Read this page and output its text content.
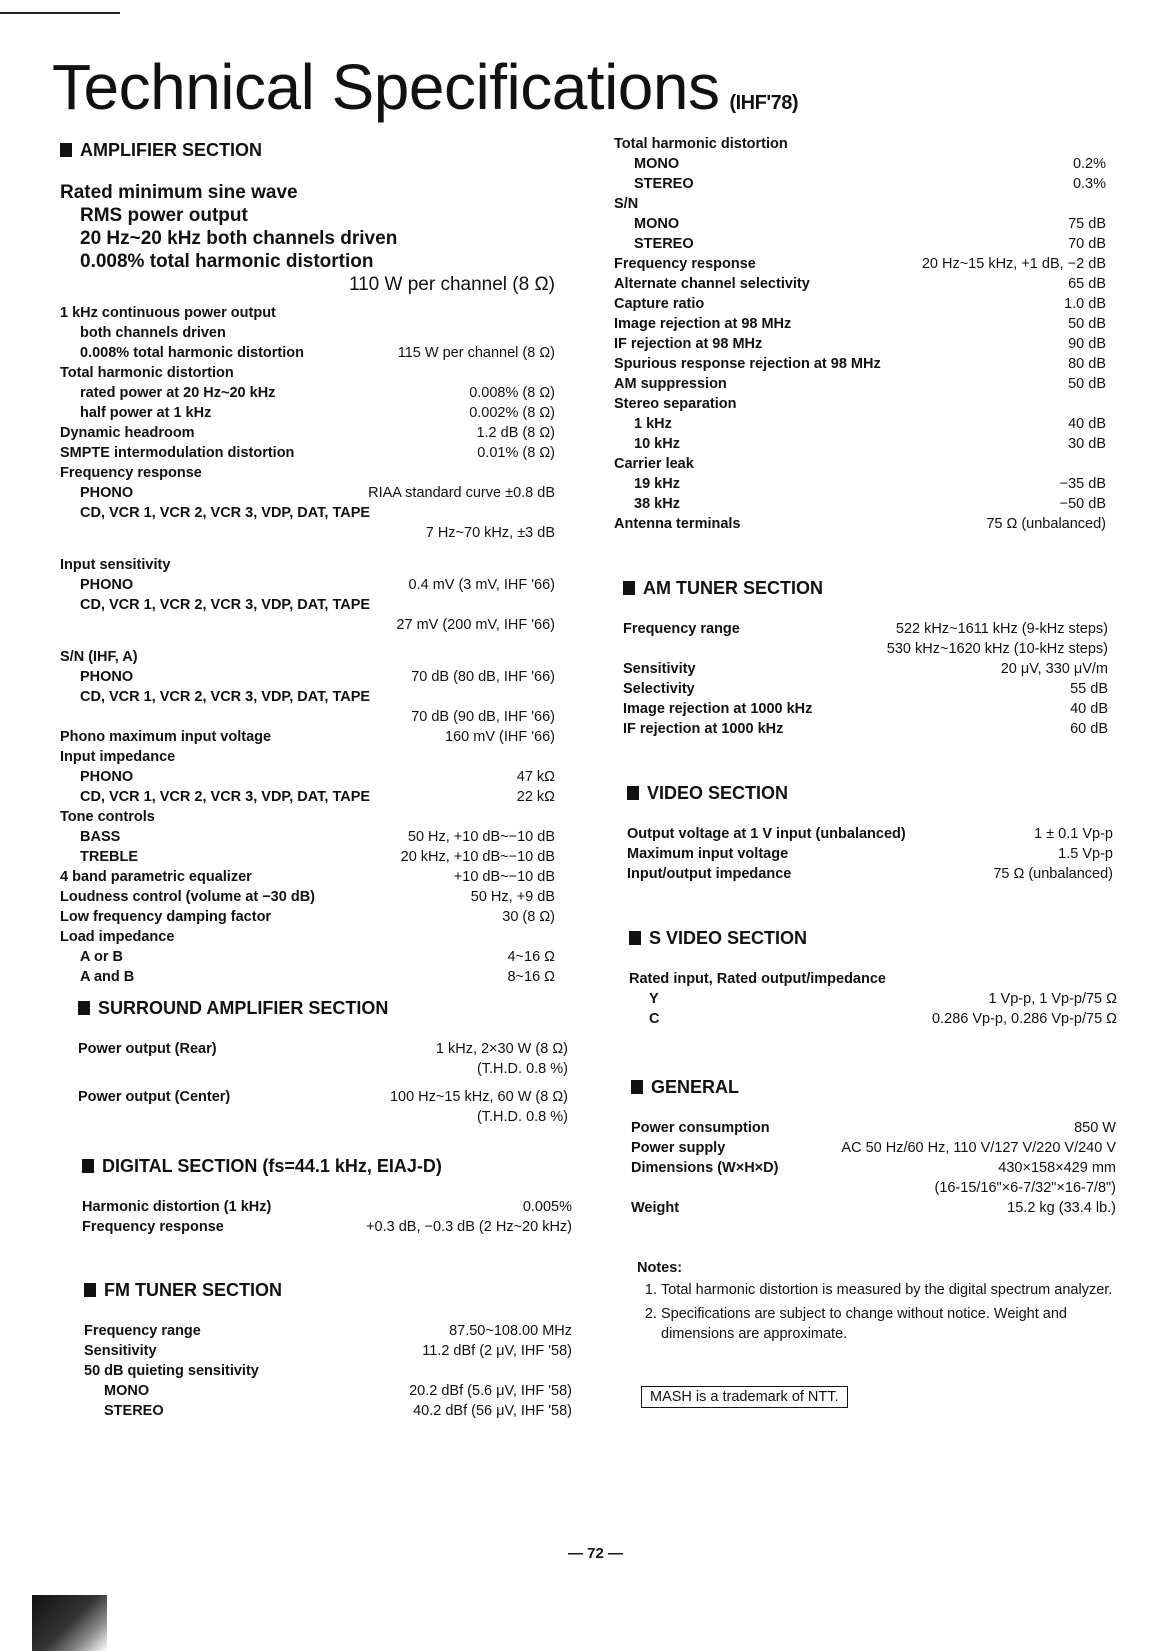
Technical Specifications (IHF'78)
AMPLIFIER SECTION
Rated minimum sine wave
RMS power output
20 Hz~20 kHz both channels driven
0.008% total harmonic distortion
110 W per channel (8 Ω)
1 kHz continuous power output
both channels driven
0.008% total harmonic distortion	115 W per channel (8 Ω)
Total harmonic distortion
rated power at 20 Hz~20 kHz	0.008% (8 Ω)
half power at 1 kHz	0.002% (8 Ω)
Dynamic headroom	1.2 dB (8 Ω)
SMPTE intermodulation distortion	0.01% (8 Ω)
Frequency response
PHONO	RIAA standard curve ±0.8 dB
CD, VCR 1, VCR 2, VCR 3, VDP, DAT, TAPE
7 Hz~70 kHz, ±3 dB
Input sensitivity
PHONO	0.4 mV (3 mV, IHF '66)
CD, VCR 1, VCR 2, VCR 3, VDP, DAT, TAPE
27 mV (200 mV, IHF '66)
S/N (IHF, A)
PHONO	70 dB (80 dB, IHF '66)
CD, VCR 1, VCR 2, VCR 3, VDP, DAT, TAPE
70 dB (90 dB, IHF '66)
Phono maximum input voltage	160 mV (IHF '66)
Input impedance
PHONO	47 kΩ
CD, VCR 1, VCR 2, VCR 3, VDP, DAT, TAPE	22 kΩ
Tone controls
BASS	50 Hz, +10 dB~−10 dB
TREBLE	20 kHz, +10 dB~−10 dB
4 band parametric equalizer	+10 dB~−10 dB
Loudness control (volume at −30 dB)	50 Hz, +9 dB
Low frequency damping factor	30 (8 Ω)
Load impedance
A or B	4~16 Ω
A and B	8~16 Ω
SURROUND AMPLIFIER SECTION
Power output (Rear)	1 kHz, 2×30 W (8 Ω)
(T.H.D. 0.8 %)
Power output (Center)	100 Hz~15 kHz, 60 W (8 Ω)
(T.H.D. 0.8 %)
DIGITAL SECTION (fs=44.1 kHz, EIAJ-D)
Harmonic distortion (1 kHz)	0.005%
Frequency response	+0.3 dB, −0.3 dB (2 Hz~20 kHz)
FM TUNER SECTION
Frequency range	87.50~108.00 MHz
Sensitivity	11.2 dBf (2 μV, IHF '58)
50 dB quieting sensitivity
MONO	20.2 dBf (5.6 μV, IHF '58)
STEREO	40.2 dBf (56 μV, IHF '58)
Total harmonic distortion
MONO	0.2%
STEREO	0.3%
S/N
MONO	75 dB
STEREO	70 dB
Frequency response	20 Hz~15 kHz, +1 dB, −2 dB
Alternate channel selectivity	65 dB
Capture ratio	1.0 dB
Image rejection at 98 MHz	50 dB
IF rejection at 98 MHz	90 dB
Spurious response rejection at 98 MHz	80 dB
AM suppression	50 dB
Stereo separation
1 kHz	40 dB
10 kHz	30 dB
Carrier leak
19 kHz	−35 dB
38 kHz	−50 dB
Antenna terminals	75 Ω (unbalanced)
AM TUNER SECTION
Frequency range	522 kHz~1611 kHz (9-kHz steps)
530 kHz~1620 kHz (10-kHz steps)
Sensitivity	20 μV, 330 μV/m
Selectivity	55 dB
Image rejection at 1000 kHz	40 dB
IF rejection at 1000 kHz	60 dB
VIDEO SECTION
Output voltage at 1 V input (unbalanced)	1 ± 0.1 Vp-p
Maximum input voltage	1.5 Vp-p
Input/output impedance	75 Ω (unbalanced)
S VIDEO SECTION
Rated input, Rated output/impedance
Y	1 Vp-p, 1 Vp-p/75 Ω
C	0.286 Vp-p, 0.286 Vp-p/75 Ω
GENERAL
Power consumption	850 W
Power supply	AC 50 Hz/60 Hz, 110 V/127 V/220 V/240 V
Dimensions (W×H×D)	430×158×429 mm
(16-15/16"×6-7/32"×16-7/8")
Weight	15.2 kg (33.4 lb.)
Notes:
1. Total harmonic distortion is measured by the digital spectrum analyzer.
2. Specifications are subject to change without notice. Weight and dimensions are approximate.
MASH is a trademark of NTT.
— 72 —
